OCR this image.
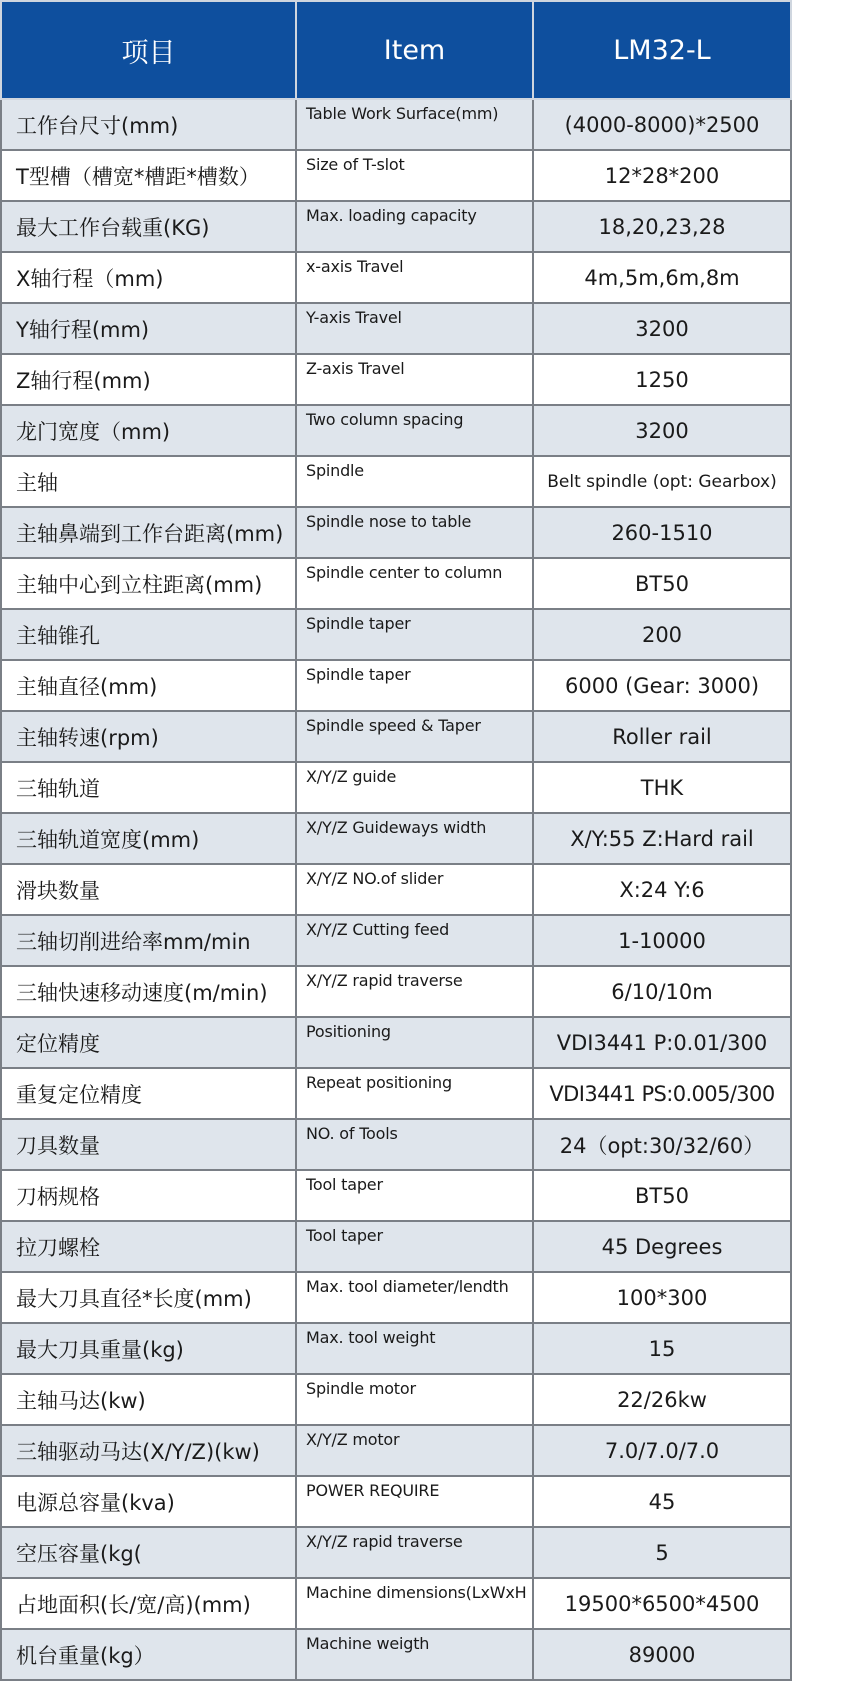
项目	Item	LM32-L
工作台尺寸(mm)	Table Work Surface(mm)	(4000-8000)*2500
T型槽（槽宽*槽距*槽数）	Size of T-slot	12*28*200
最大工作台载重(KG)	Max. loading capacity	18,20,23,28
X轴行程（mm)	x-axis Travel	4m,5m,6m,8m
Y轴行程(mm)	Y-axis Travel	3200
Z轴行程(mm)	Z-axis Travel	1250
龙门宽度（mm)	Two column spacing	3200
主轴	Spindle	Belt spindle (opt: Gearbox)
主轴鼻端到工作台距离(mm)	Spindle nose to table	260-1510
主轴中心到立柱距离(mm)	Spindle center to column	BT50
主轴锥孔	Spindle taper	200
主轴直径(mm)	Spindle taper	6000 (Gear: 3000)
主轴转速(rpm)	Spindle speed & Taper	Roller rail
三轴轨道	X/Y/Z guide	THK
三轴轨道宽度(mm)	X/Y/Z Guideways width	X/Y:55 Z:Hard rail
滑块数量	X/Y/Z NO.of slider	X:24 Y:6
三轴切削进给率mm/min	X/Y/Z Cutting feed	1-10000
三轴快速移动速度(m/min)	X/Y/Z rapid traverse	6/10/10m
定位精度	Positioning	VDI3441 P:0.01/300
重复定位精度	Repeat positioning	VDI3441 PS:0.005/300
刀具数量	NO. of Tools	24（opt:30/32/60）
刀柄规格	Tool taper	BT50
拉刀螺栓	Tool taper	45 Degrees
最大刀具直径*长度(mm)	Max. tool diameter/lendth	100*300
最大刀具重量(kg)	Max. tool weight	15
主轴马达(kw)	Spindle motor	22/26kw
三轴驱动马达(X/Y/Z)(kw)	X/Y/Z motor	7.0/7.0/7.0
电源总容量(kva)	POWER REQUIRE	45
空压容量(kg(	X/Y/Z rapid traverse	5
占地面积(长/宽/高)(mm)	Machine dimensions(LxWxH	19500*6500*4500
机台重量(kg）	Machine weigth	89000
